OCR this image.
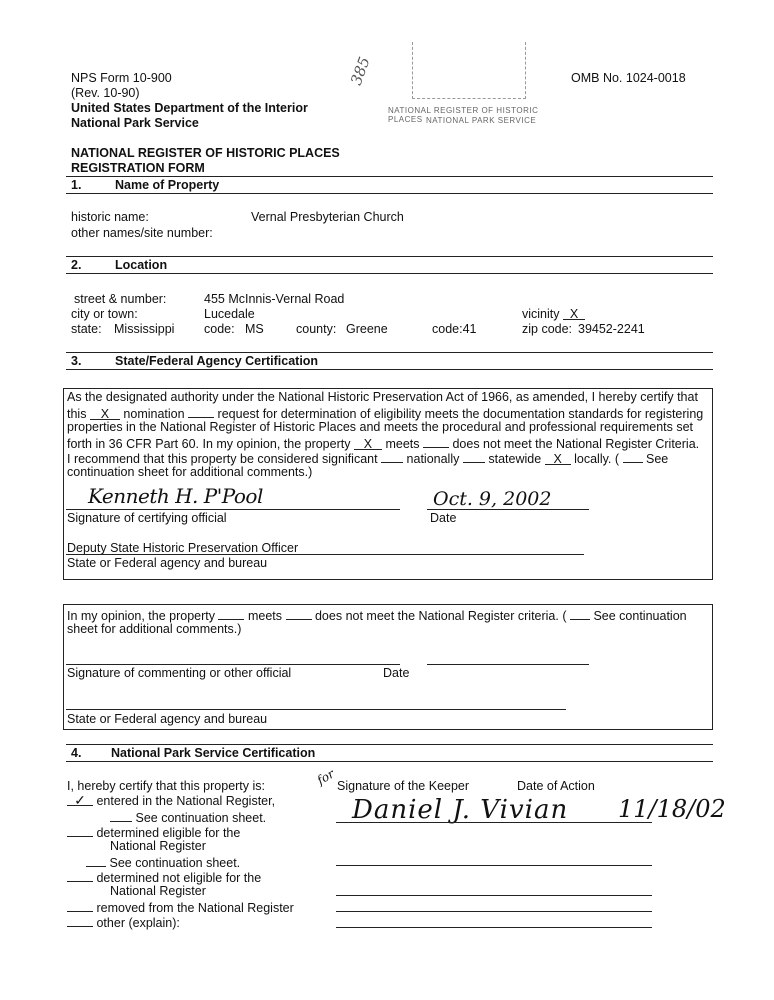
NPS Form 10-900
(Rev. 10-90)
United States Department of the Interior
National Park Service
OMB No. 1024-0018
NATIONAL REGISTER OF HISTORIC PLACES NATIONAL PARK SERVICE
385
NATIONAL REGISTER OF HISTORIC PLACES
REGISTRATION FORM
1.	Name of Property
historic name:	Vernal Presbyterian Church
other names/site number:
2.	Location
street & number:	455 McInnis-Vernal Road
city or town:	Lucedale	vicinity X
state: Mississippi code: MS	county: Greene	code:41	zip code: 39452-2241
3.	State/Federal Agency Certification
As the designated authority under the National Historic Preservation Act of 1966, as amended, I hereby certify that
this X nomination	request for determination of eligibility meets the documentation standards for registering
properties in the National Register of Historic Places and meets the procedural and professional requirements set
forth in 36 CFR Part 60. In my opinion, the property X meets	does not meet the National Register Criteria.
I recommend that this property be considered significant nationally statewide X locally. ( See
continuation sheet for additional comments.)
Kenneth H. P'Pool
Signature of certifying official
Oct. 9, 2002
Date
Deputy State Historic Preservation Officer
State or Federal agency and bureau
In my opinion, the property	meets	does not meet the National Register criteria. ( See continuation
sheet for additional comments.)
Signature of commenting or other official	Date
State or Federal agency and bureau
4. National Park Service Certification
I, hereby certify that this property is:
✓ entered in the National Register,
See continuation sheet.
determined eligible for the
National Register
See continuation sheet.
determined not eligible for the
National Register
removed from the National Register
other (explain):
for Signature of the Keeper	Date of Action
Daniel J. Vivian 11/18/02
